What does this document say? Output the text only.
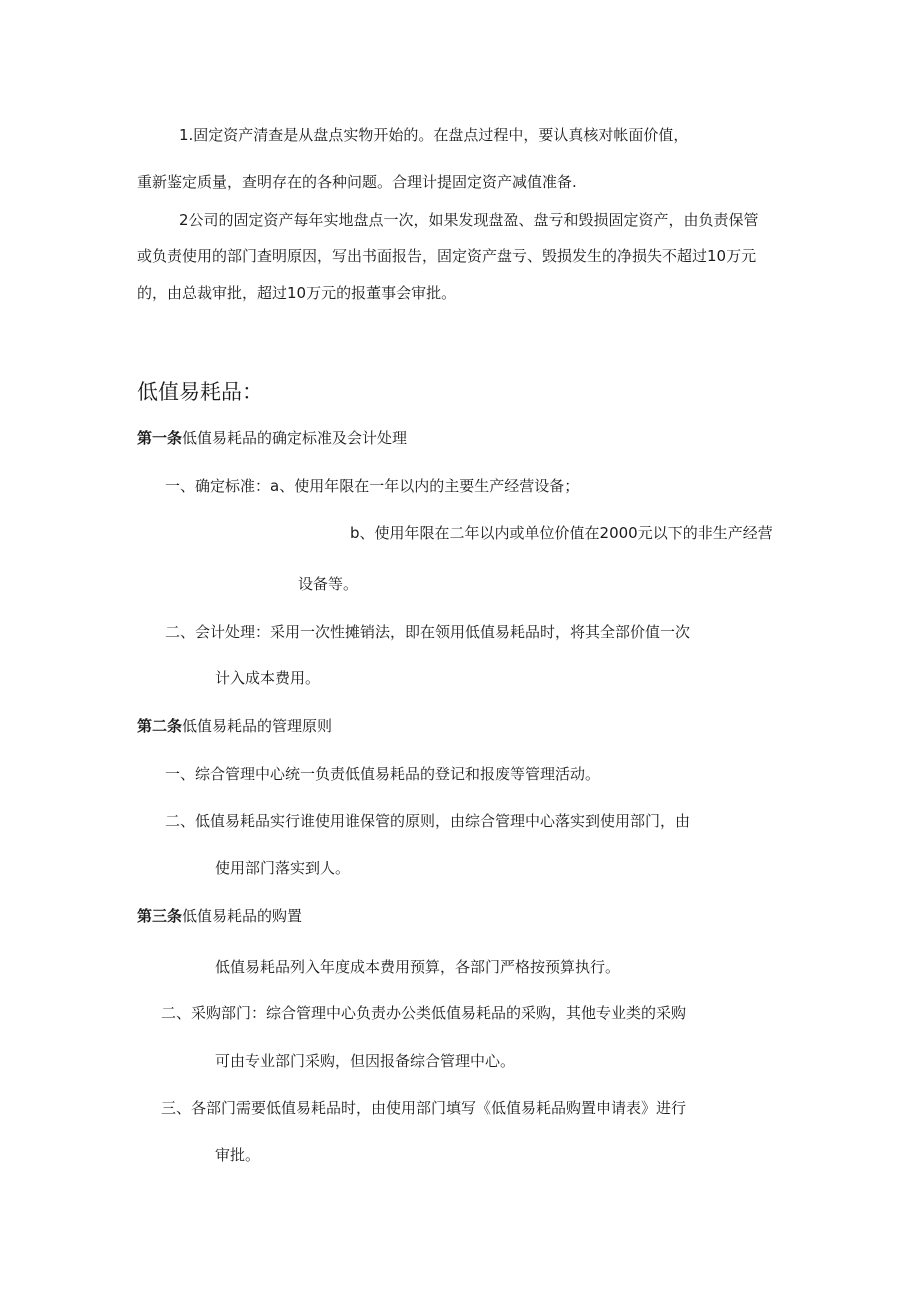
1.固定资产清查是从盘点实物开始的。在盘点过程中，要认真核对帐面价值，
重新鉴定质量，查明存在的各种问题。合理计提固定资产减值准备.
2公司的固定资产每年实地盘点一次，如果发现盘盈、盘亏和毁损固定资产，由负责保管
或负责使用的部门查明原因，写出书面报告，固定资产盘亏、毁损发生的净损失不超过10万元
的，由总裁审批，超过10万元的报董事会审批。
低值易耗品：
第一条低值易耗品的确定标准及会计处理
一、确定标准：a、使用年限在一年以内的主要生产经营设备；
b、使用年限在二年以内或单位价值在2000元以下的非生产经营
设备等。
二、会计处理：采用一次性摊销法，即在领用低值易耗品时，将其全部价值一次
计入成本费用。
第二条低值易耗品的管理原则
一、综合管理中心统一负责低值易耗品的登记和报废等管理活动。
二、低值易耗品实行谁使用谁保管的原则，由综合管理中心落实到使用部门，由
使用部门落实到人。
第三条低值易耗品的购置
低值易耗品列入年度成本费用预算，各部门严格按预算执行。
二、采购部门：综合管理中心负责办公类低值易耗品的采购，其他专业类的采购
可由专业部门采购，但因报备综合管理中心。
三、各部门需要低值易耗品时，由使用部门填写《低值易耗品购置申请表》进行
审批。
